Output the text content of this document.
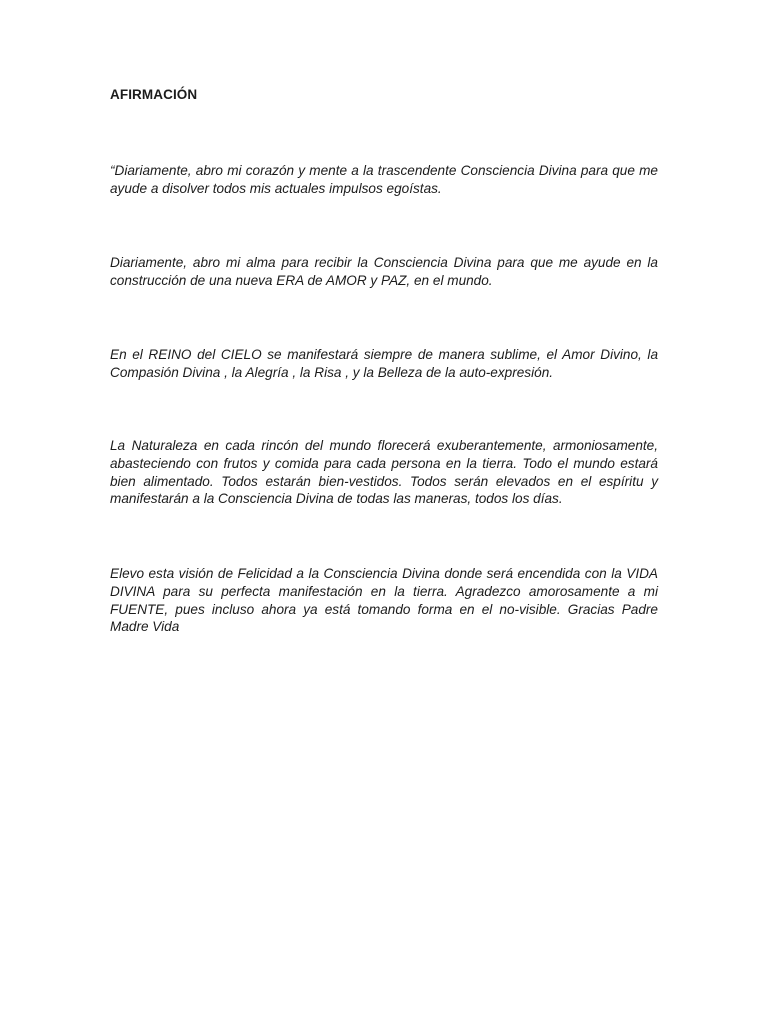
AFIRMACIÓN

“Diariamente, abro mi corazón y mente a la trascendente Consciencia Divina para que me ayude a disolver todos mis actuales impulsos egoístas.

Diariamente, abro mi alma para recibir la Consciencia Divina para que me ayude en la construcción de una nueva ERA de AMOR y PAZ, en el mundo.

En el REINO del CIELO se manifestará siempre de manera sublime, el Amor Divino, la Compasión Divina , la Alegría , la Risa , y la Belleza de la auto-expresión.

La Naturaleza en cada rincón del mundo florecerá exuberantemente, armoniosamente, abasteciendo con frutos y comida para cada persona en la tierra. Todo el mundo estará bien alimentado. Todos estarán bien-vestidos. Todos serán elevados en el espíritu y manifestarán a la Consciencia Divina de todas las maneras, todos los días.

Elevo esta visión de Felicidad a la Consciencia Divina donde será encendida con la VIDA DIVINA para su perfecta manifestación en la tierra. Agradezco amorosamente a mi FUENTE, pues incluso ahora ya está tomando forma en el no-visible. Gracias Padre Madre Vida
